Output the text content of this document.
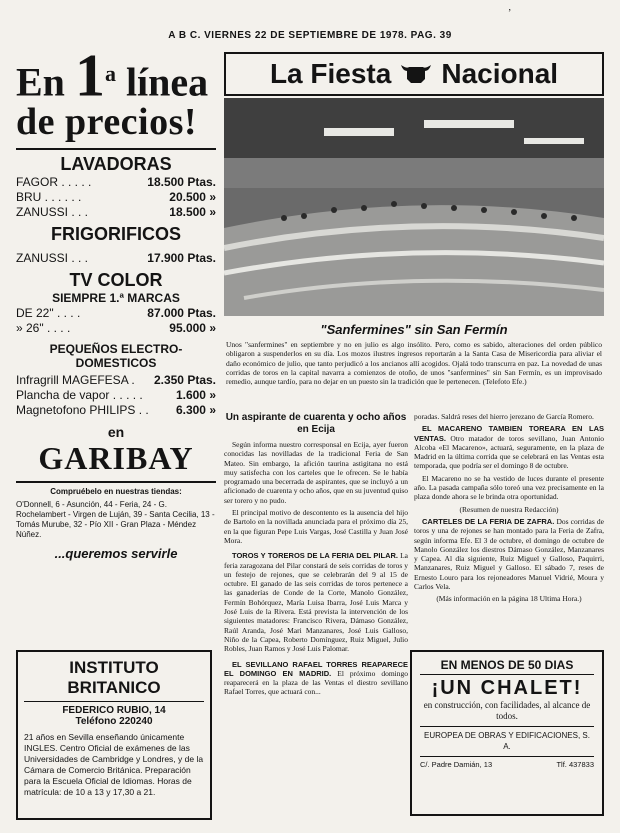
A B C. VIERNES 22 DE SEPTIEMBRE DE 1978. PAG. 39
’
En 1$^a$ línea
de precios!
LAVADORAS
FAGOR . . . . .	18.500 Ptas.
BRU . . . . . .	20.500 »
ZANUSSI . . .	18.500 »
FRIGORIFICOS
ZANUSSI . . .	17.900 Ptas.
TV COLOR
SIEMPRE 1.ª MARCAS
DE 22" . . . .	87.000 Ptas.
» 26" . . . .	95.000 »
PEQUEÑOS ELECTRO-DOMESTICOS
Infragrill MAGEFESA . 2.350 Ptas.
Plancha de vapor . . . . .	1.600 »
Magnetofono PHILIPS . . 6.300 »
en
GARIBAY
Compruébelo en nuestras tiendas:
O'Donnell, 6 - Asunción, 44 - Feria, 24 - G. Rochelambert - Virgen de Luján, 39 - Santa Cecilia, 13 - Tomás Murube, 32 - Pío XII - Gran Plaza - Méndez Núñez.
...queremos servirle
INSTITUTO BRITANICO
FEDERICO RUBIO, 14
Teléfono 220240
21 años en Sevilla enseñando únicamente INGLES. Centro Oficial de exámenes de las Universidades de Cambridge y Londres, y de la Cámara de Comercio Británica. Preparación para la Escuela Oficial de Idiomas. Horas de matrícula: de 10 a 13 y 17,30 a 21.
La Fiesta Nacional
"Sanfermines" sin San Fermín
Unos "sanfermines" en septiembre y no en julio es algo insólito. Pero, como es sabido, alteraciones del orden público obligaron a suspenderlos en su día. Los mozos ilustres ingresos reportarán a la Santa Casa de Misericordia para aliviar el daño económico de julio, que tanto perjudicó a los ancianos allí acogidos. Ojalá todo transcurra en paz. La novedad de unas corridas de toros en la capital navarra a comienzos de otoño, de unos "sanfermines" sin San Fermín, es un improvisado remedio, aunque tardío, para no dejar en un puesto sin la tradición que le pertenecen. (Telefoto Efe.)
Un aspirante de cuarenta y ocho años en Ecija

Según informa nuestro corresponsal en Ecija, ayer fueron conocidas las novilladas de la tradicional Feria de San Mateo. Sin embargo, la afición taurina astigitana no está muy satisfecha con los carteles que le ofrecen. Se le había programado una becerrada de aspirantes, que se incluyó a un aficionado de cuarenta y ocho años, que en su juventud quiso ser torero y no pudo.

El principal motivo de descontento es la ausencia del hijo de Bartolo en la novillada anunciada para el próximo día 25, en la que figuran Pepe Luis Vargas, José Castilla y Juan José Mora.

TOROS Y TOREROS DE LA FERIA DEL PILAR. La feria zaragozana del Pilar constará de seis corridas de toros y un festejo de rejones, que se celebrarán del 9 al 15 de octubre. El ganado de las seis corridas de toros pertenece a las ganaderías de Conde de la Corte, Manolo González, Fermín Bohórquez, María Luisa Ibarra, José Luis Marca y José Luis de la Rivera. Está prevista la intervención de los siguientes matadores: Francisco Rivera, Dámaso González, Raúl Aranda, José Mari Manzanares, José Luis Galloso, Niño de la Capea, Roberto Domínguez, Ruiz Miguel, Julio Robles, Juan Ramos y José Luis Palomar.

EL SEVILLANO RAFAEL TORRES REAPARECE EL DOMINGO EN MADRID. El próximo domingo reaparecerá en la plaza de las Ventas el diestro sevillano Rafael Torres, que actuará con...

poradas. Saldrá reses del hierro jerezano de García Romero.

EL MACARENO TAMBIEN TOREARA EN LAS VENTAS. Otro matador de toros sevillano, Juan Antonio Alcoba «El Macareno», actuará, seguramente, en la plaza de Madrid en la última corrida que se celebrará en las Ventas esta temporada, que podría ser el domingo 8 de octubre.

El Macareno no se ha vestido de luces durante el presente año. La pasada campaña sólo toreó una vez precisamente en la plaza donde ahora se le brinda otra oportunidad.

(Resumen de nuestra Redacción)

CARTELES DE LA FERIA DE ZAFRA. Dos corridas de toros y una de rejones se han montado para la Feria de Zafra, según informa Efe. El 3 de octubre, el domingo de octubre de Manolo González los diestros Dámaso González, Manzanares y Capea. Al día siguiente, Ruiz Miguel y Galloso, Paquirri, Manzanares, Ruiz Miguel y Galloso. El sábado 7, reses de Ernesto Louro para los rejoneadores Manuel Vidrié, Moura y Carlos Vela.

(Más información en la página 18 Ultima Hora.)

EN MENOS DE 50 DIAS
¡UN CHALET!
en construcción, con facilidades, al alcance de todos.
EUROPEA DE OBRAS Y EDIFICACIONES, S. A.
C/. Padre Damián, 13	Tlf. 437833
